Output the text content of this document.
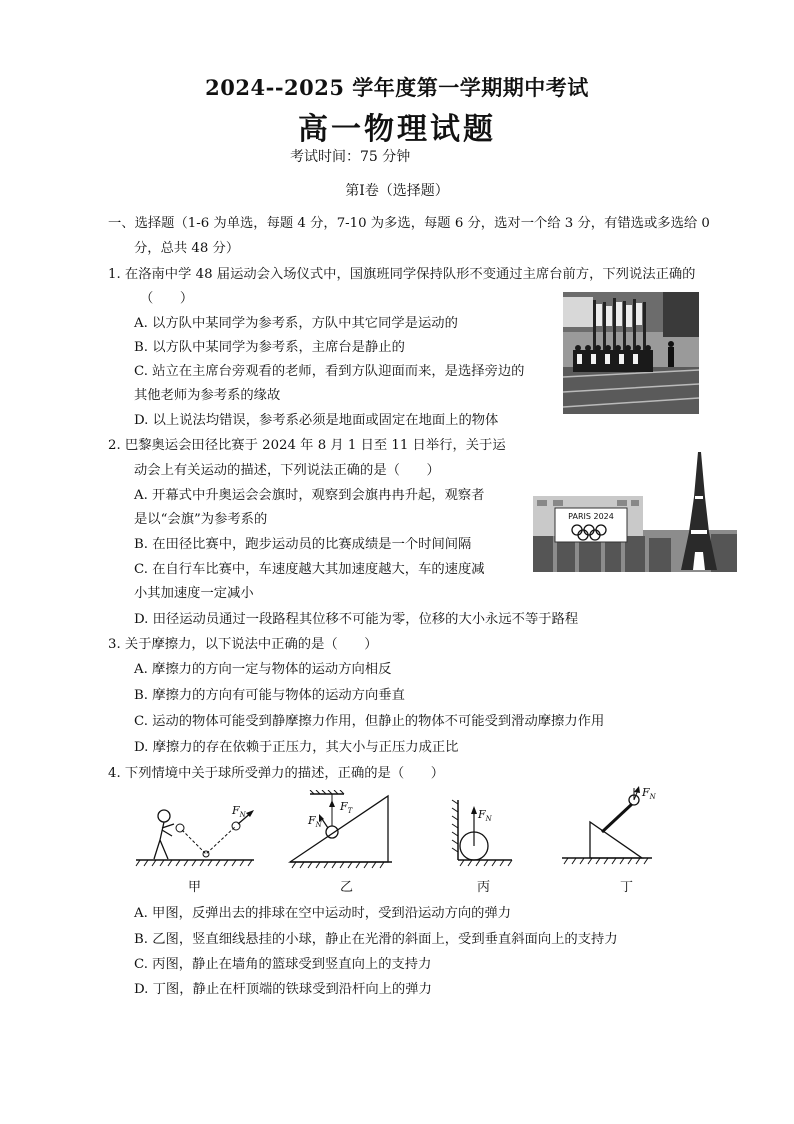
2024--2025 学年度第一学期期中考试
高一物理试题
考试时间：75 分钟
第Ⅰ卷（选择题）
一、选择题（1-6 为单选，每题 4 分，7-10 为多选，每题 6 分，选对一个给 3 分，有错选或多选给 0
分，总共 48 分）
1. 在洛南中学 48 届运动会入场仪式中，国旗班同学保持队形不变通过主席台前方，下列说法正确的
（　　）
A. 以方队中某同学为参考系，方队中其它同学是运动的
B. 以方队中某同学为参考系，主席台是静止的
C. 站立在主席台旁观看的老师，看到方队迎面而来，是选择旁边的
其他老师为参考系的缘故
D. 以上说法均错误，参考系必须是地面或固定在地面上的物体
2. 巴黎奥运会田径比赛于 2024 年 8 月 1 日至 11 日举行，关于运
动会上有关运动的描述，下列说法正确的是（　　）
A. 开幕式中升奥运会会旗时，观察到会旗冉冉升起，观察者
是以“会旗”为参考系的
B. 在田径比赛中，跑步运动员的比赛成绩是一个时间间隔
C. 在自行车比赛中，车速度越大其加速度越大，车的速度减
小其加速度一定减小
D. 田径运动员通过一段路程其位移不可能为零，位移的大小永远不等于路程
PARIS 2024
3. 关于摩擦力，以下说法中正确的是（　　）
A. 摩擦力的方向一定与物体的运动方向相反
B. 摩擦力的方向有可能与物体的运动方向垂直
C. 运动的物体可能受到静摩擦力作用，但静止的物体不可能受到滑动摩擦力作用
D. 摩擦力的存在依赖于正压力，其大小与正压力成正比
4. 下列情境中关于球所受弹力的描述，正确的是（　　）
$F_N$
甲
$F_T$
$F_N$
乙
$F_N$
丙
$F_N$
丁
A. 甲图，反弹出去的排球在空中运动时，受到沿运动方向的弹力
B. 乙图，竖直细线悬挂的小球，静止在光滑的斜面上，受到垂直斜面向上的支持力
C. 丙图，静止在墙角的篮球受到竖直向上的支持力
D. 丁图，静止在杆顶端的铁球受到沿杆向上的弹力
